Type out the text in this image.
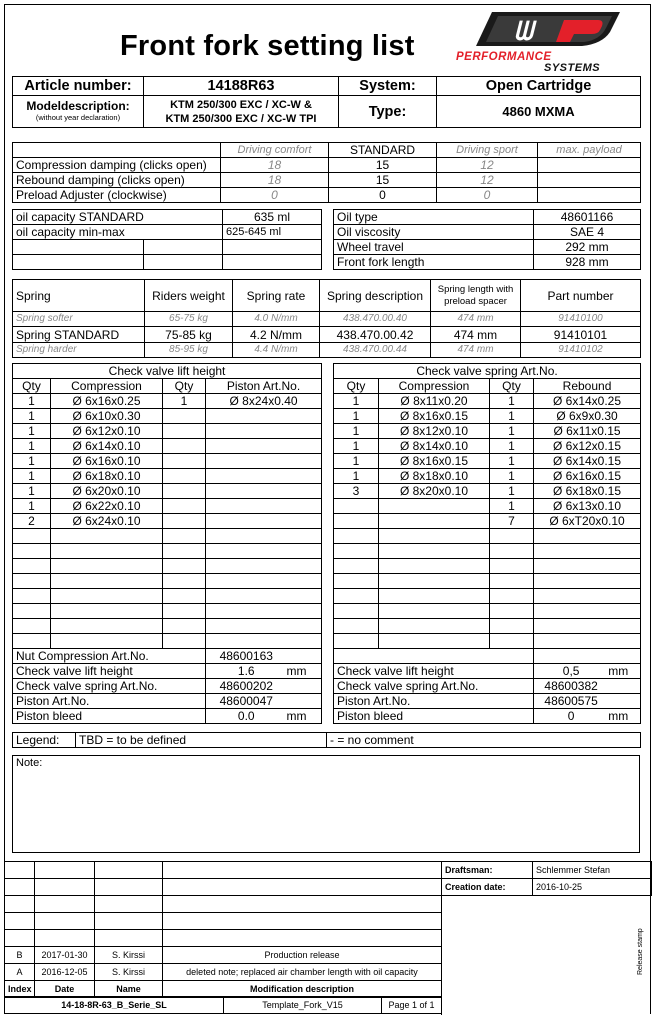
Front fork setting list	ᗯ
PERFORMANCE
SYSTEMS
Article number:	14188R63	System:	Open Cartridge

Modeldescription:
(without year declaration)

KTM 250/300 EXC / XC-W &
KTM 250/300 EXC / XC-W TPI	Type:	4860 MXMA
	Driving comfort	STANDARD	Driving sport	max. payload
Compression damping (clicks open)	18	15	12	
Rebound damping (clicks open)	18	15	12	
Preload Adjuster (clockwise)	0	0	0	
oil capacity STANDARD		635 ml
oil capacity min-max		625-645 ml

Oil type	48601166
Oil viscosity	SAE 4
Wheel travel	292 mm
Front fork length	928 mm
Spring	Riders weight	Spring rate	Spring description	Spring length with preload spacer	Part number
Spring softer	65-75 kg	4.0 N/mm	438.470.00.40	474 mm	91410100
Spring STANDARD	75-85 kg	4.2 N/mm	438.470.00.42	474 mm	91410101
Spring harder	85-95 kg	4.4 N/mm	438.470.00.44	474 mm	91410102
Check valve lift height			
Qty	Compression	Qty	Piston Art.No.
1	Ø 6x16x0.25	1	Ø 8x24x0.40
1	Ø 6x10x0.30		
1	Ø 6x12x0.10		
1	Ø 6x14x0.10		
1	Ø 6x16x0.10		
1	Ø 6x18x0.10		
1	Ø 6x20x0.10		
1	Ø 6x22x0.10		
2	Ø 6x24x0.10		

Nut Compression Art.No.			48600163
Check valve lift height			1.6 mm
Check valve spring Art.No.			48600202
Piston Art.No.			48600047
Piston bleed			0.0 mm
Check valve spring Art.No.			
Qty	Compression	Qty	Rebound
1	Ø 8x11x0.20	1	Ø 6x14x0.25
1	Ø 8x16x0.15	1	Ø 6x9x0.30
1	Ø 8x12x0.10	1	Ø 6x11x0.15
1	Ø 8x14x0.10	1	Ø 6x12x0.15
1	Ø 8x16x0.15	1	Ø 6x14x0.15
1	Ø 8x18x0.10	1	Ø 6x16x0.15
3	Ø 8x20x0.10	1	Ø 6x18x0.15
		1	Ø 6x13x0.10
		7	Ø 6xT20x0.10

Check valve lift height			0,5 mm
Check valve spring Art.No.			48600382
Piston Art.No.			48600575
Piston bleed			0 mm
Legend:	TBD = to be defined	- = no comment
Note:

B	2017-01-30	S. Kirssi	Production release
A	2016-12-05	S. Kirssi	deleted note; replaced air chamber length with oil capacity
Index	Date	Name	Modification description
14-18-8R-63_B_Serie_SL	Template_Fork_V15	Page 1 of 1
Draftsman:	Schlemmer Stefan
Creation date:	2016-10-25
Release stamp
